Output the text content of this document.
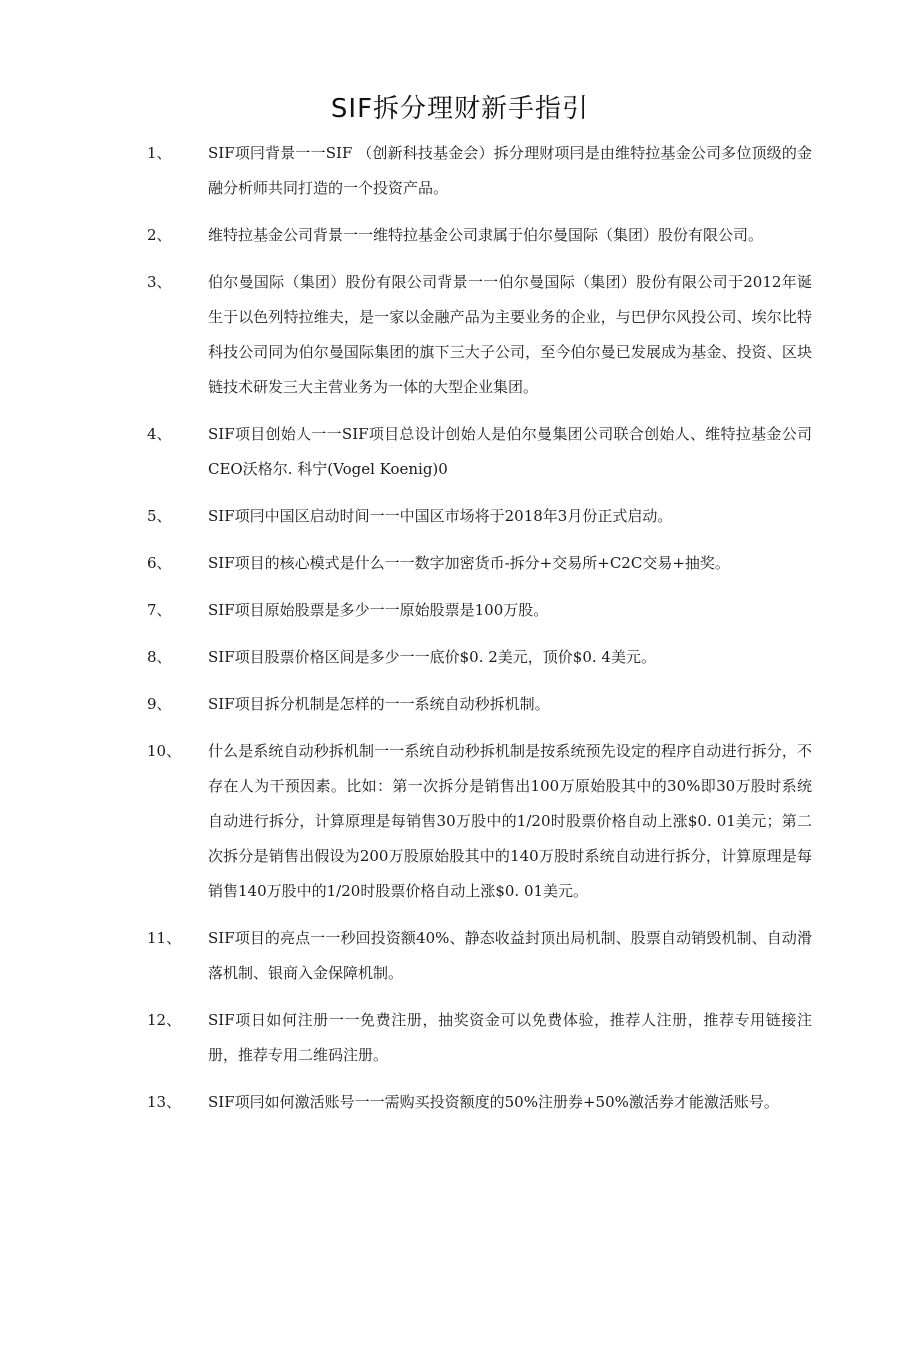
SIF拆分理财新手指引
1、	SIF项冃背景一一SIF （创新科技基金会）拆分理财项冃是由维特拉基金公司多位顶级的金融分析师共同打造的一个投资产品。
2、	维特拉基金公司背景一一维特拉基金公司隶属于伯尔曼国际（集团）股份有限公司。
3、	伯尔曼国际（集团）股份有限公司背景一一伯尔曼国际（集团）股份有限公司于2012年诞生于以色列特拉维夫，是一家以金融产品为主要业务的企业，与巴伊尔风投公司、埃尔比特科技公司同为伯尔曼国际集团的旗下三大子公司，至今伯尔曼已发展成为基金、投资、区块链技术研发三大主营业务为一体的大型企业集团。
4、	SIF项目创始人一一SIF项目总设计创始人是伯尔曼集团公司联合创始人、维特拉基金公司CEO沃格尔. 科宁(Vogel Koenig)0
5、	SIF项冃中国区启动时间一一中国区市场将于2018年3月份正式启动。
6、	SIF项目的核心模式是什么一一数字加密货币-拆分+交易所+C2C交易+抽奖。
7、	SIF项目原始股票是多少一一原始股票是100万股。
8、	SIF项目股票价格区间是多少一一底价$0. 2美元，顶价$0. 4美元。
9、	SIF项目拆分机制是怎样的一一系统自动秒拆机制。
10、	什么是系统自动秒拆机制一一系统自动秒拆机制是按系统预先设定的程序自动进行拆分，不存在人为干预因素。比如：第一次拆分是销售出100万原始股其中的30%即30万股时系统自动进行拆分，计算原理是每销售30万股中的1/20时股票价格自动上涨$0. 01美元；第二次拆分是销售出假设为200万股原始股其中的140万股时系统自动进行拆分，计算原理是每销售140万股中的1/20时股票价格自动上涨$0. 01美元。
11、	SIF项目的亮点一一秒回投资额40%、静态收益封顶出局机制、股票自动销毁机制、自动滑落机制、银商入金保障机制。
12、	SIF项日如何注册一一免费注册，抽奖资金可以免费体验，推荐人注册，推荐专用链接注册，推荐专用二维码注册。
13、	SIF项冃如何激活账号一一需购买投资额度的50%注册券+50%激活券才能激活账号。
